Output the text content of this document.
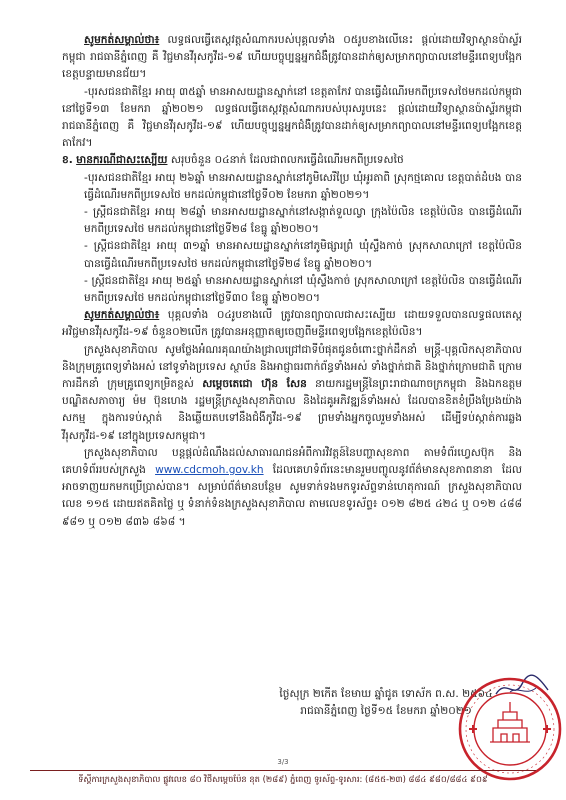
សូមកត់សម្គាល់ថា៖ លទ្ធផលធ្វើតេស្តវត្តសំណាករបស់បុគ្គលទាំង ០៥រូបខាងលើនេះ ផ្តល់ដោយវិទ្យាស្ថានប៉ាស្ទ័រកម្ពុជា រាជធានីភ្នំពេញ គឺ វិជ្ជមានវីរុសកូវីដ-១៩ ហើយបច្ចុប្បន្នអ្នកជំងឺត្រូវបានដាក់ឲ្យសម្រាកព្យាបាលនៅមន្ទីរពេទ្យបង្អែកខេត្តបន្ទាយមានជ័យ។

-បុរសជនជាតិខ្មែរ អាយុ ៣៥ឆ្នាំ មានអាសយដ្ឋានស្នាក់នៅ ខេត្តតាកែវ បានធ្វើដំណើរមកពីប្រទេសថៃមកដល់កម្ពុជានៅថ្ងៃទី១៣ ខែមករា ឆ្នាំ២០២១ លទ្ធផលធ្វើតេស្តវត្តសំណាករបស់បុរសរូបនេះ ផ្តល់ដោយវិទ្យាស្ថានប៉ាស្ទ័រកម្ពុជា រាជធានីភ្នំពេញ គឺ វិជ្ជមានវីរុសកូវីដ-១៩ ហើយបច្ចុប្បន្នអ្នកជំងឺត្រូវបានដាក់ឲ្យសម្រាកព្យាបាលនៅមន្ទីរពេទ្យបង្អែកខេត្តតាកែវ។

ខ. មានករណីជាសះស្បើយ សរុបចំនួន ០៤នាក់ ដែលជាពលករធ្វើដំណើរមកពីប្រទេសថៃ

-បុរសជនជាតិខ្មែរ អាយុ ២៦ឆ្នាំ មានអាសយដ្ឋានស្នាក់នៅភូមិសេរីប្រែ ឃុំអូរតាពិ ស្រុកថ្មគោល ខេត្តបាត់ដំបង បានធ្វើដំណើរមកពីប្រទេសថៃ មកដល់កម្ពុជានៅថ្ងៃទី០២ ខែមករា ឆ្នាំ២០២១។

- ស្ត្រីជនជាតិខ្មែរ អាយុ ២៨ឆ្នាំ មានអាសយដ្ឋានស្នាក់នៅសង្កាត់ទួលល្វា ក្រុងប៉ៃលិន ខេត្តប៉ៃលិន បានធ្វើដំណើរមកពីប្រទេសថៃ មកដល់កម្ពុជានៅថ្ងៃទី២៨ ខែធ្នូ ឆ្នាំ២០២០។

- ស្ត្រីជនជាតិខ្មែរ អាយុ ៣១ឆ្នាំ មានអាសយដ្ឋានស្នាក់នៅភូមិផ្សារព្រំ ឃុំស្ទឹងកាច់ ស្រុកសាលាក្រៅ ខេត្តប៉ៃលិន បានធ្វើដំណើរមកពីប្រទេសថៃ មកដល់កម្ពុជានៅថ្ងៃទី២៨ ខែធ្នូ ឆ្នាំ២០២០។

- ស្ត្រីជនជាតិខ្មែរ អាយុ ២៥ឆ្នាំ មានអាសយដ្ឋានស្នាក់នៅ ឃុំស្ទឹងកាច់ ស្រុកសាលាក្រៅ ខេត្តប៉ៃលិន បានធ្វើដំណើរមកពីប្រទេសថៃ មកដល់កម្ពុជានៅថ្ងៃទី៣០ ខែធ្នូ ឆ្នាំ២០២០។

សូមកត់សម្គាល់ថា៖ បុគ្គលទាំង ០៤រូបខាងលើ ត្រូវបានព្យាបាលជាសះស្បើយ ដោយទទួលបានលទ្ធផលតេស្ត អវិជ្ជមានវីរុសកូវីដ-១៩ ចំនួន០២លើក ត្រូវបានអនុញ្ញាតឲ្យចេញពីមន្ទីរពេទ្យបង្អែកខេត្តប៉ៃលិន។

ក្រសួងសុខាភិបាល សូមថ្លែងអំណរគុណយ៉ាងជ្រាលជ្រៅជាទីបំផុតជូនចំពោះថ្នាក់ដឹកនាំ មន្ត្រី-បុគ្គលិកសុខាភិបាល និងក្រុមគ្រូពេទ្យទាំងអស់ នៅទូទាំងប្រទេស ស្ថាប័ន និងអាជ្ញាធរពាក់ព័ន្ធទាំងអស់ ទាំងថ្នាក់ជាតិ និងថ្នាក់ក្រោមជាតិ ក្រោមការដឹកនាំ ក្រុមគ្រូពេទ្យកម្រិតខ្ពស់ សម្តេចតេជោ ហ៊ុន សែន នាយករដ្ឋមន្ត្រីនៃព្រះរាជាណាចក្រកម្ពុជា និងឯកឧត្តមបណ្ឌិតសភាចារ្យ ម៉ម ប៊ុនហេង រដ្ឋមន្ត្រីក្រសួងសុខាភិបាល និងដៃគូអភិវឌ្ឍន៍ទាំងអស់ ដែលបានខិតខំប្រឹងប្រែងយ៉ាងសកម្ម ក្នុងការទប់ស្កាត់ និងឆ្លើយតបទៅនឹងជំងឺកូវីដ-១៩ ព្រមទាំងអ្នកចូលរួមទាំងអស់ ដើម្បីទប់ស្កាត់ការឆ្លងវីរុសកូវីដ-១៩ នៅក្នុងប្រទេសកម្ពុជា។

ក្រសួងសុខាភិបាល បន្តផ្តល់ដំណឹងដល់សាធារណជនអំពីការវិវត្តន៍នៃបញ្ហាសុខភាព តាមទំព័រហ្វេសប៊ុក និងគេហទំព័ររបស់ក្រសួង www.cdcmoh.gov.kh ដែលគេហទំព័រនេះមានរួមបញ្ចូលនូវព័ត៌មានសុខភាពនានា ដែលអាចទាញយកមកប្រើប្រាស់បាន។ សម្រាប់ព័ត៌មានបន្ថែម សូមទាក់ទងមកទូរស័ព្ទទាន់ហេតុការណ៍ ក្រសួងសុខាភិបាល លេខ ១១៥ ដោយឥតគិតថ្លៃ ឬ ទំនាក់ទំនងក្រសួងសុខាភិបាល តាមលេខទូរស័ព្ទ៖ ០១២ ៨២៥ ៤២៤ ឬ ០១២ ៤៨៨ ៩៨១ ឬ ០១២ ៨៣៦ ៨៦៨ ។

ថ្ងៃសុក្រ ២កើត ខែមាឃ ឆ្នាំជូត ទោស័ក ព.ស. ២៥៦៤
រាជធានីភ្នំពេញ ថ្ងៃទី១៥ ខែមករា ឆ្នាំ២០២១
3/3
ទីស្តីការក្រសួងសុខាភិបាល ផ្លូវលេខ ៨០ វិថីសម្តេចប៉ែន នុត (២៨៩) ភ្នំពេញ ទូរស័ព្ទ-ទូរសារ: (៨៥៥-២៣) ៨៨៤ ៩៨០/៨៨៤ ៩០៩
